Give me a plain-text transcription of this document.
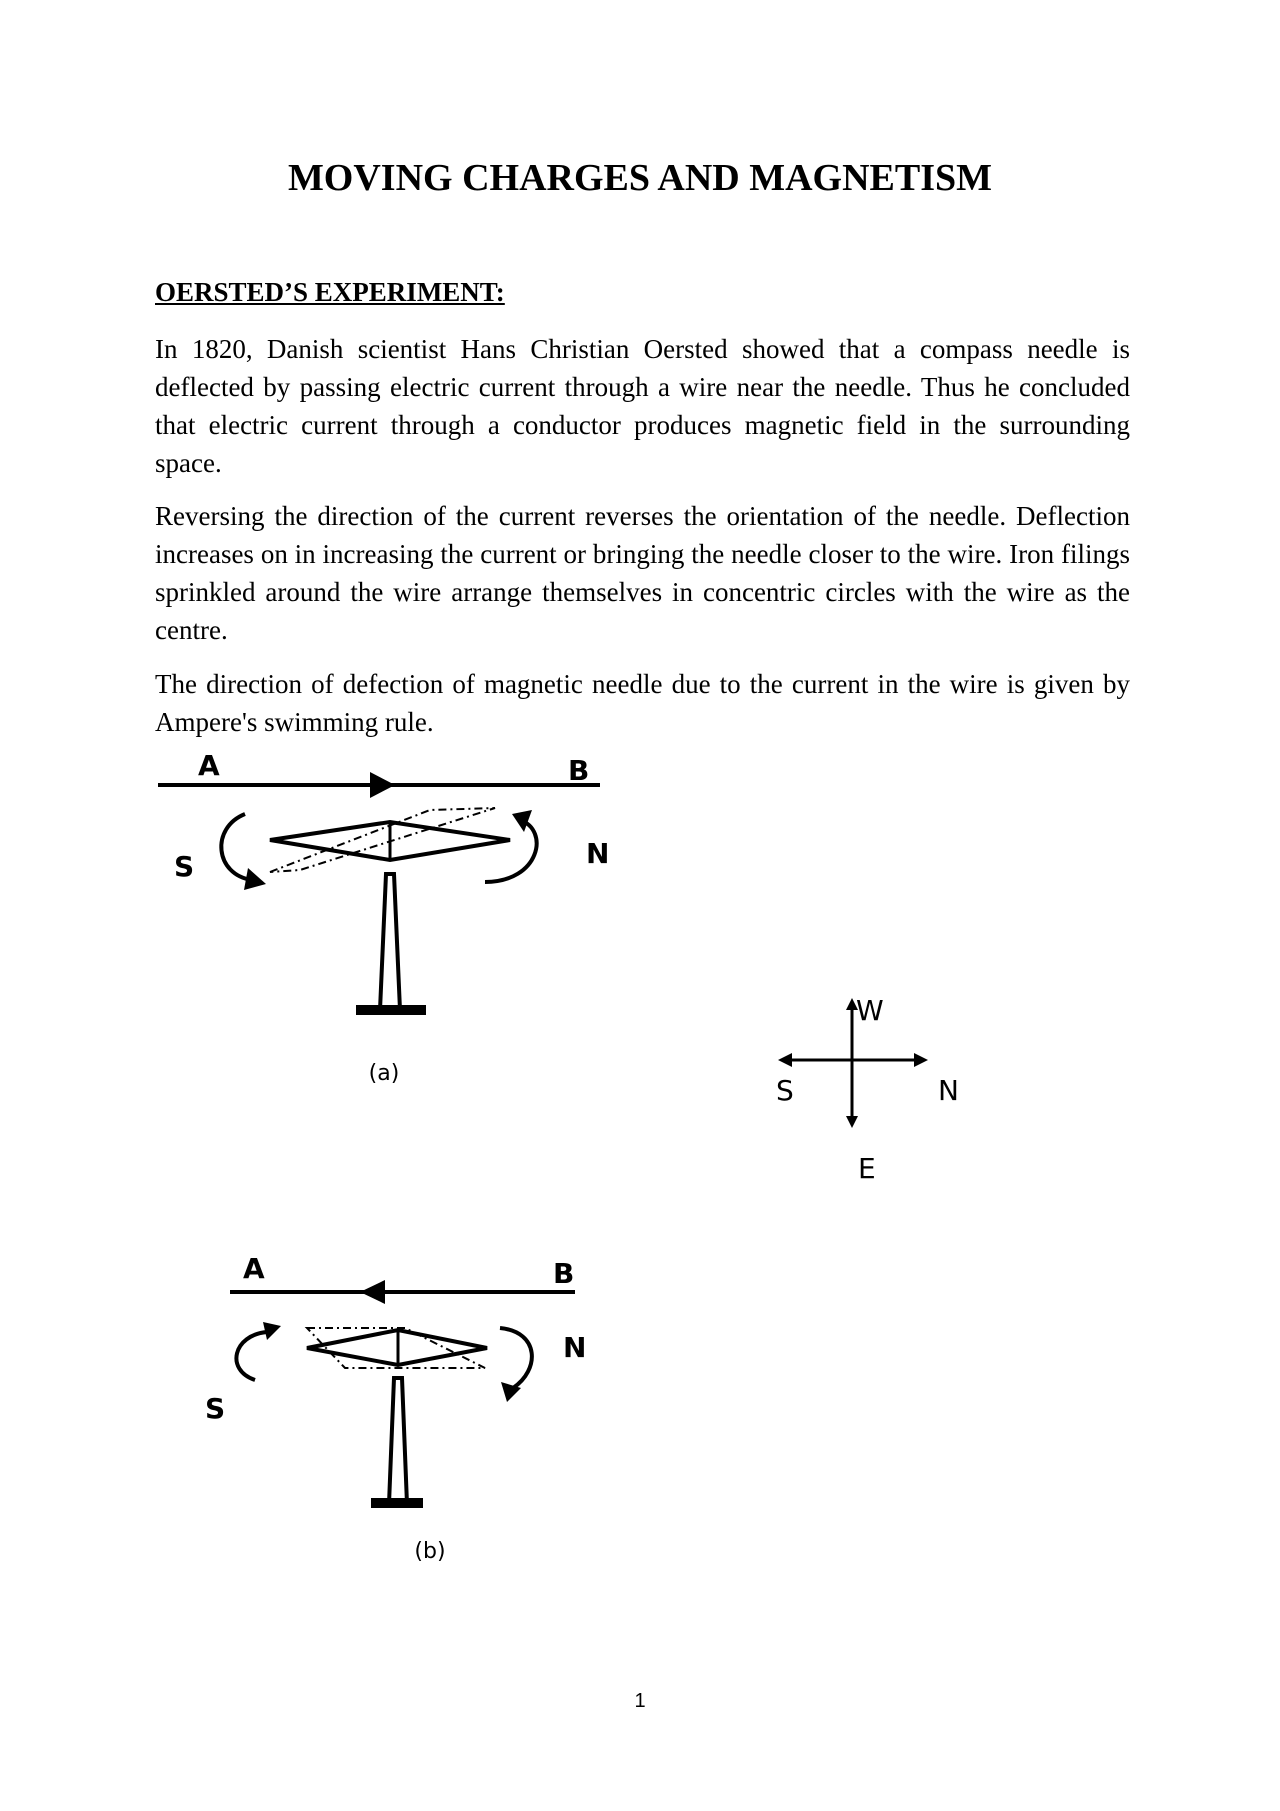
MOVING CHARGES AND MAGNETISM
OERSTED’S EXPERIMENT:

In 1820, Danish scientist Hans Christian Oersted showed that a compass needle is deflected by passing electric current through a wire near the needle. Thus he concluded that electric current through a conductor produces magnetic field in the surrounding space.

Reversing the direction of the current reverses the orientation of the needle. Deflection increases on in increasing the current or bringing the needle closer to the wire. Iron filings sprinkled around the wire arrange themselves in concentric circles with the wire as the centre.

The direction of defection of magnetic needle due to the current in the wire is given by Ampere's swimming rule.

A	B
S	N
(a)
W
S	N
E
A	B
S
N
(b)
1
